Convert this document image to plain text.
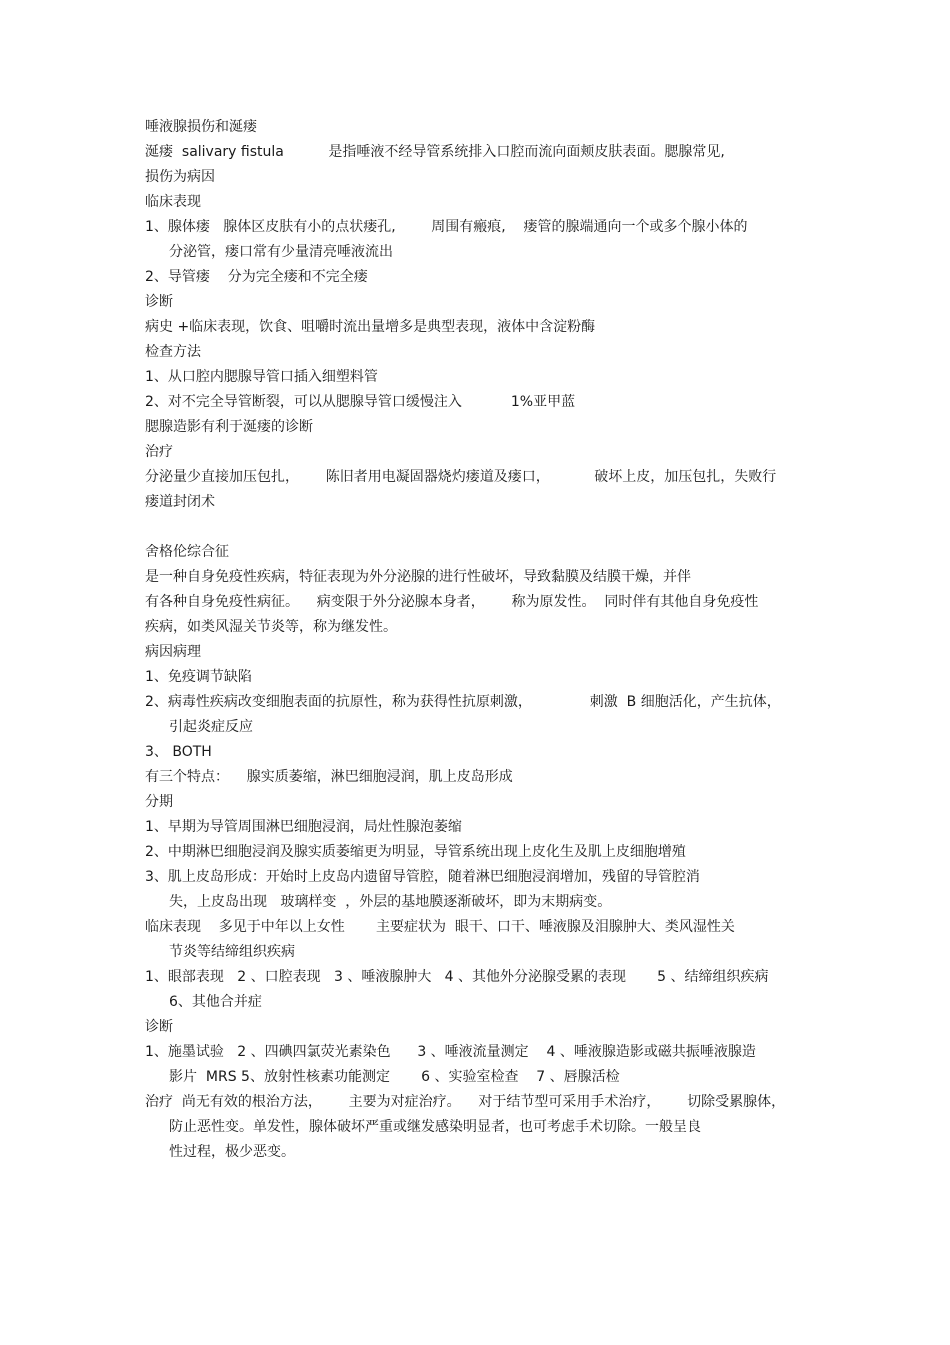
唾液腺损伤和涎瘘
涎瘘  salivary fistula          是指唾液不经导管系统排入口腔而流向面颊皮肤表面。腮腺常见,
损伤为病因
临床表现
1、腺体瘘   腺体区皮肤有小的点状瘘孔,        周围有瘢痕,    瘘管的腺端通向一个或多个腺小体的
分泌管，瘘口常有少量清亮唾液流出
2、导管瘘    分为完全瘘和不完全瘘
诊断
病史 +临床表现，饮食、咀嚼时流出量增多是典型表现，液体中含淀粉酶
检查方法
1、从口腔内腮腺导管口插入细塑料管
2、对不完全导管断裂，可以从腮腺导管口缓慢注入           1%亚甲蓝
腮腺造影有利于涎瘘的诊断
治疗
分泌量少直接加压包扎，      陈旧者用电凝固器烧灼瘘道及瘘口，          破坏上皮，加压包扎，失败行
瘘道封闭术
舍格伦综合征
是一种自身免疫性疾病，特征表现为外分泌腺的进行性破坏，导致黏膜及结膜干燥，并伴
有各种自身免疫性病征。    病变限于外分泌腺本身者，      称为原发性。  同时伴有其他自身免疫性
疾病，如类风湿关节炎等，称为继发性。
病因病理
1、免疫调节缺陷
2、病毒性疾病改变细胞表面的抗原性，称为获得性抗原刺激，             刺激  B 细胞活化，产生抗体，
引起炎症反应
3、 BOTH
有三个特点：    腺实质萎缩，淋巴细胞浸润，肌上皮岛形成
分期
1、早期为导管周围淋巴细胞浸润，局灶性腺泡萎缩
2、中期淋巴细胞浸润及腺实质萎缩更为明显，导管系统出现上皮化生及肌上皮细胞增殖
3、肌上皮岛形成：开始时上皮岛内遗留导管腔，随着淋巴细胞浸润增加，残留的导管腔消
失，上皮岛出现   玻璃样变  ，外层的基地膜逐渐破坏，即为末期病变。
临床表现    多见于中年以上女性       主要症状为  眼干、口干、唾液腺及泪腺肿大、类风湿性关
节炎等结缔组织疾病
1、眼部表现   2 、口腔表现   3 、唾液腺肿大   4 、其他外分泌腺受累的表现       5 、结缔组织疾病
6、其他合并症
诊断
1、施墨试验   2 、四碘四氯荧光素染色      3 、唾液流量测定    4 、唾液腺造影或磁共振唾液腺造
影片  MRS 5、放射性核素功能测定       6 、实验室检查    7 、唇腺活检
治疗  尚无有效的根治方法，      主要为对症治疗。    对于结节型可采用手术治疗，      切除受累腺体，
防止恶性变。单发性，腺体破坏严重或继发感染明显者，也可考虑手术切除。一般呈良
性过程，极少恶变。
